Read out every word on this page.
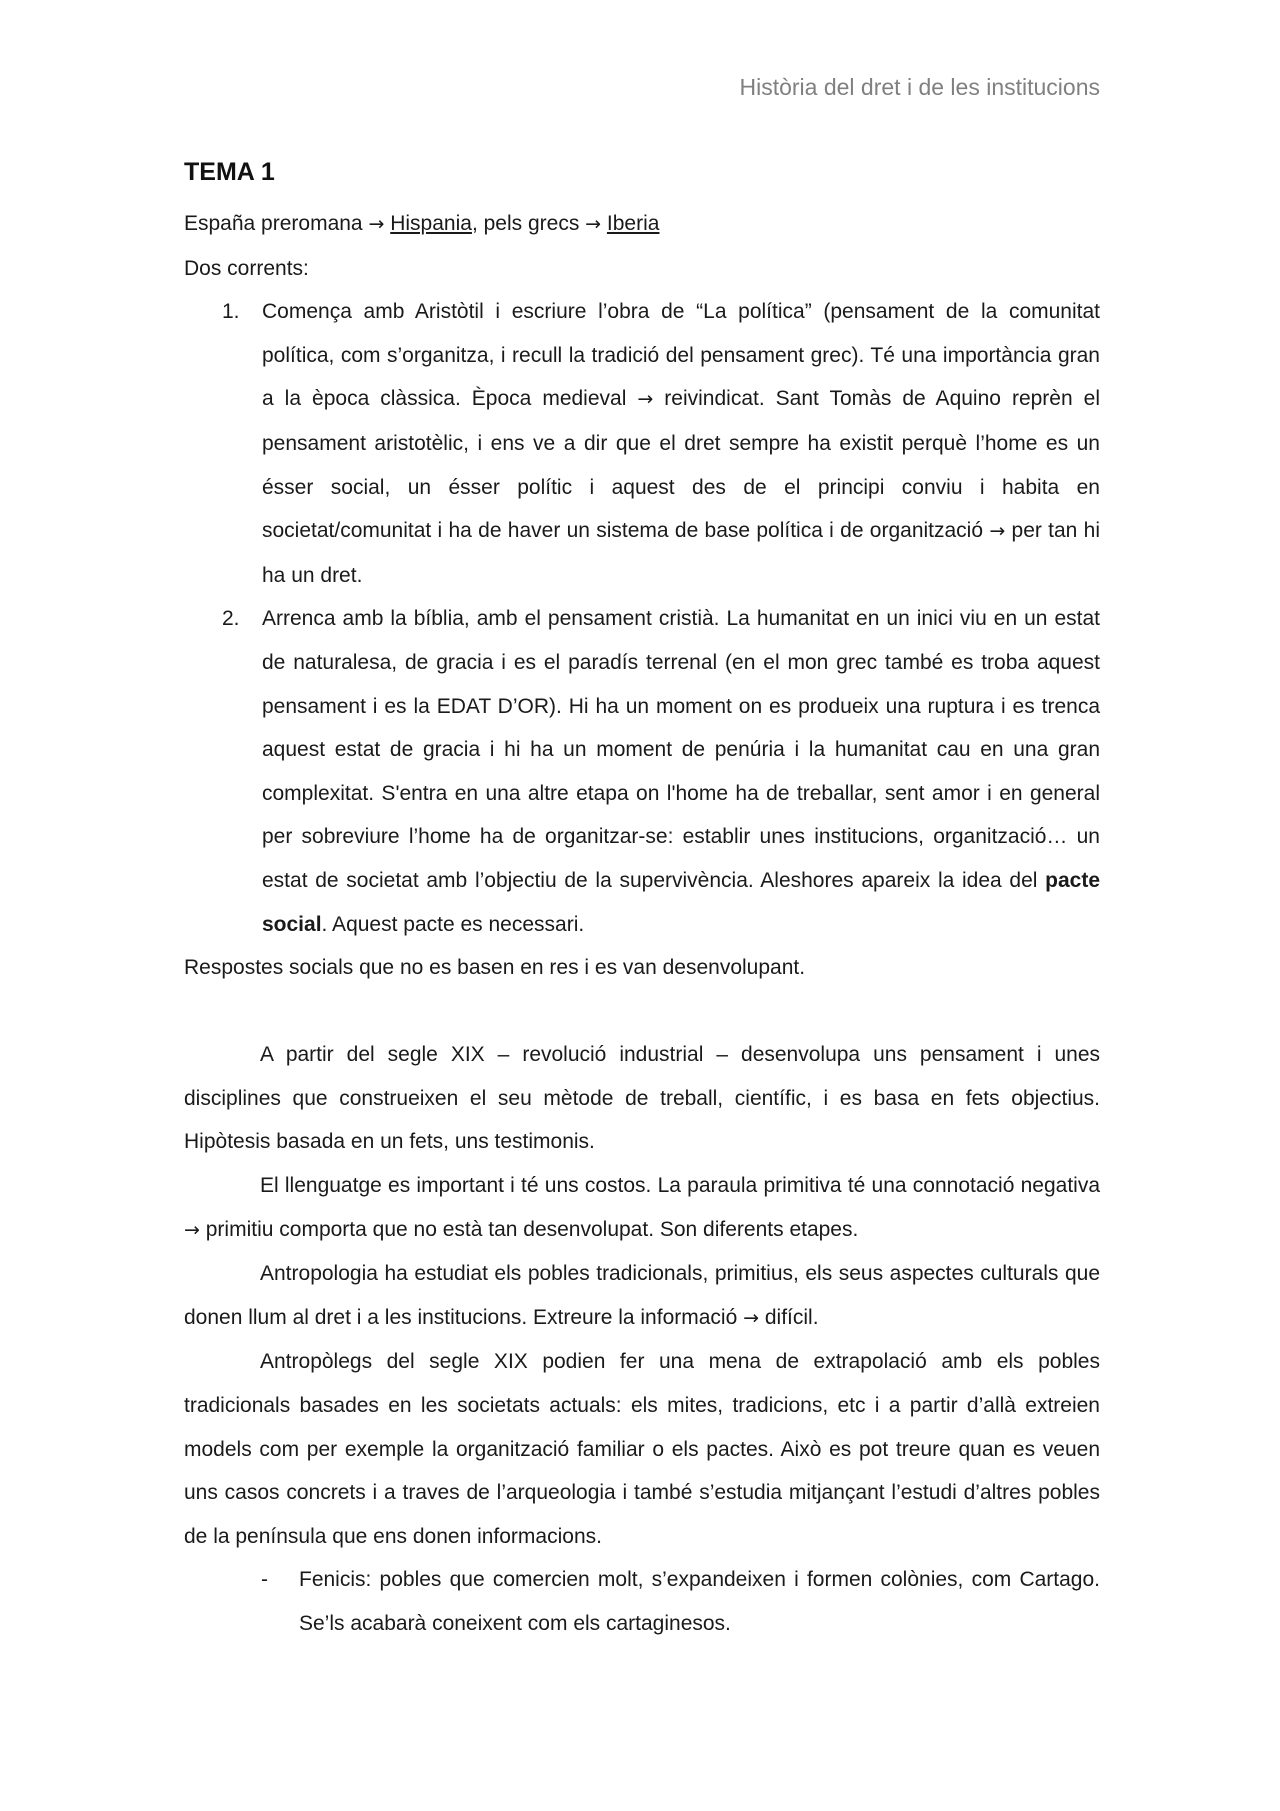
Història del dret i de les institucions
TEMA 1

España preromana → Hispania, pels grecs → Iberia

Dos corrents:

1. Comença amb Aristòtil i escriure l’obra de “La política” (pensament de la comunitat política, com s’organitza, i recull la tradició del pensament grec). Té una importància gran a la època clàssica. Època medieval → reivindicat. Sant Tomàs de Aquino reprèn el pensament aristotèlic, i ens ve a dir que el dret sempre ha existit perquè l’home es un ésser social, un ésser polític i aquest des de el principi conviu i habita en societat/comunitat i ha de haver un sistema de base política i de organització → per tan hi ha un dret.
2. Arrenca amb la bíblia, amb el pensament cristià. La humanitat en un inici viu en un estat de naturalesa, de gracia i es el paradís terrenal (en el mon grec també es troba aquest pensament i es la EDAT D’OR). Hi ha un moment on es produeix una ruptura i es trenca aquest estat de gracia i hi ha un moment de penúria i la humanitat cau en una gran complexitat. S'entra en una altre etapa on l'home ha de treballar, sent amor i en general per sobreviure l’home ha de organitzar-se: establir unes institucions, organització… un estat de societat amb l’objectiu de la supervivència. Aleshores apareix la idea del pacte social. Aquest pacte es necessari.

Respostes socials que no es basen en res i es van desenvolupant.

A partir del segle XIX – revolució industrial – desenvolupa uns pensament i unes disciplines que construeixen el seu mètode de treball, científic, i es basa en fets objectius. Hipòtesis basada en un fets, uns testimonis.

El llenguatge es important i té uns costos. La paraula primitiva té una connotació negativa → primitiu comporta que no està tan desenvolupat. Son diferents etapes.

Antropologia ha estudiat els pobles tradicionals, primitius, els seus aspectes culturals que donen llum al dret i a les institucions. Extreure la informació → difícil.

Antropòlegs del segle XIX podien fer una mena de extrapolació amb els pobles tradicionals basades en les societats actuals: els mites, tradicions, etc i a partir d’allà extreien models com per exemple la organització familiar o els pactes. Això es pot treure quan es veuen uns casos concrets i a traves de l’arqueologia i també s’estudia mitjançant l’estudi d’altres pobles de la península que ens donen informacions.

- Fenicis: pobles que comercien molt, s’expandeixen i formen colònies, com Cartago. Se’ls acabarà coneixent com els cartaginesos.
